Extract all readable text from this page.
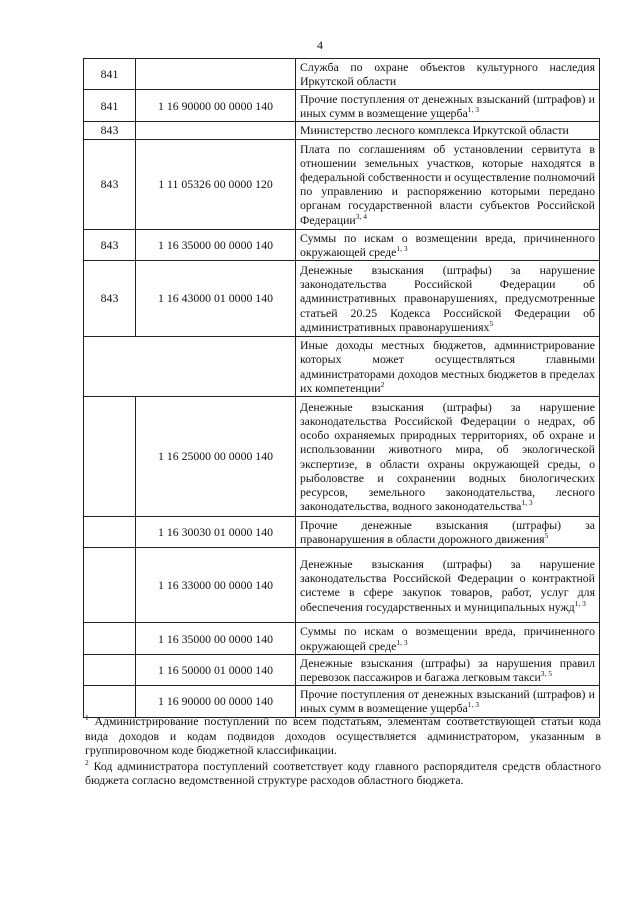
4
841		Служба по охране объектов культурного наследия Иркутской области
841	1 16 90000 00 0000 140	Прочие поступления от денежных взысканий (штрафов) и иных сумм в возмещение ущерба$^{1, 3}$
843		Министерство лесного комплекса Иркутской области
843	1 11 05326 00 0000 120	Плата по соглашениям об установлении сервитута в отношении земельных участков, которые находятся в федеральной собственности и осуществление полномочий по управлению и распоряжению которыми передано органам государственной власти субъектов Российской Федерации$^{3, 4}$
843	1 16 35000 00 0000 140	Суммы по искам о возмещении вреда, причиненного окружающей среде$^{1, 3}$
843	1 16 43000 01 0000 140	Денежные взыскания (штрафы) за нарушение законодательства Российской Федерации об административных правонарушениях, предусмотренные статьей 20.25 Кодекса Российской Федерации об административных правонарушениях$^5$
		Иные доходы местных бюджетов, администрирование которых может осуществляться главными администраторами доходов местных бюджетов в пределах их компетенции$^2$
	1 16 25000 00 0000 140	Денежные взыскания (штрафы) за нарушение законодательства Российской Федерации о недрах, об особо охраняемых природных территориях, об охране и использовании животного мира, об экологической экспертизе, в области охраны окружающей среды, о рыболовстве и сохранении водных биологических ресурсов, земельного законодательства, лесного законодательства, водного законодательства$^{1, 3}$
	1 16 30030 01 0000 140	Прочие денежные взыскания (штрафы) за правонарушения в области дорожного движения$^5$
	1 16 33000 00 0000 140	Денежные взыскания (штрафы) за нарушение законодательства Российской Федерации о контрактной системе в сфере закупок товаров, работ, услуг для обеспечения государственных и муниципальных нужд$^{1, 3}$
	1 16 35000 00 0000 140	Суммы по искам о возмещении вреда, причиненного окружающей среде$^{1, 3}$
	1 16 50000 01 0000 140	Денежные взыскания (штрафы) за нарушения правил перевозок пассажиров и багажа легковым такси$^{3, 5}$
	1 16 90000 00 0000 140	Прочие поступления от денежных взысканий (штрафов) и иных сумм в возмещение ущерба$^{1, 3}$

$^1$ Администрирование поступлений по всем подстатьям, элементам соответствующей статьи кода вида доходов и кодам подвидов доходов осуществляется администратором, указанным в группировочном коде бюджетной классификации.

$^2$ Код администратора поступлений соответствует коду главного распорядителя средств областного бюджета согласно ведомственной структуре расходов областного бюджета.
